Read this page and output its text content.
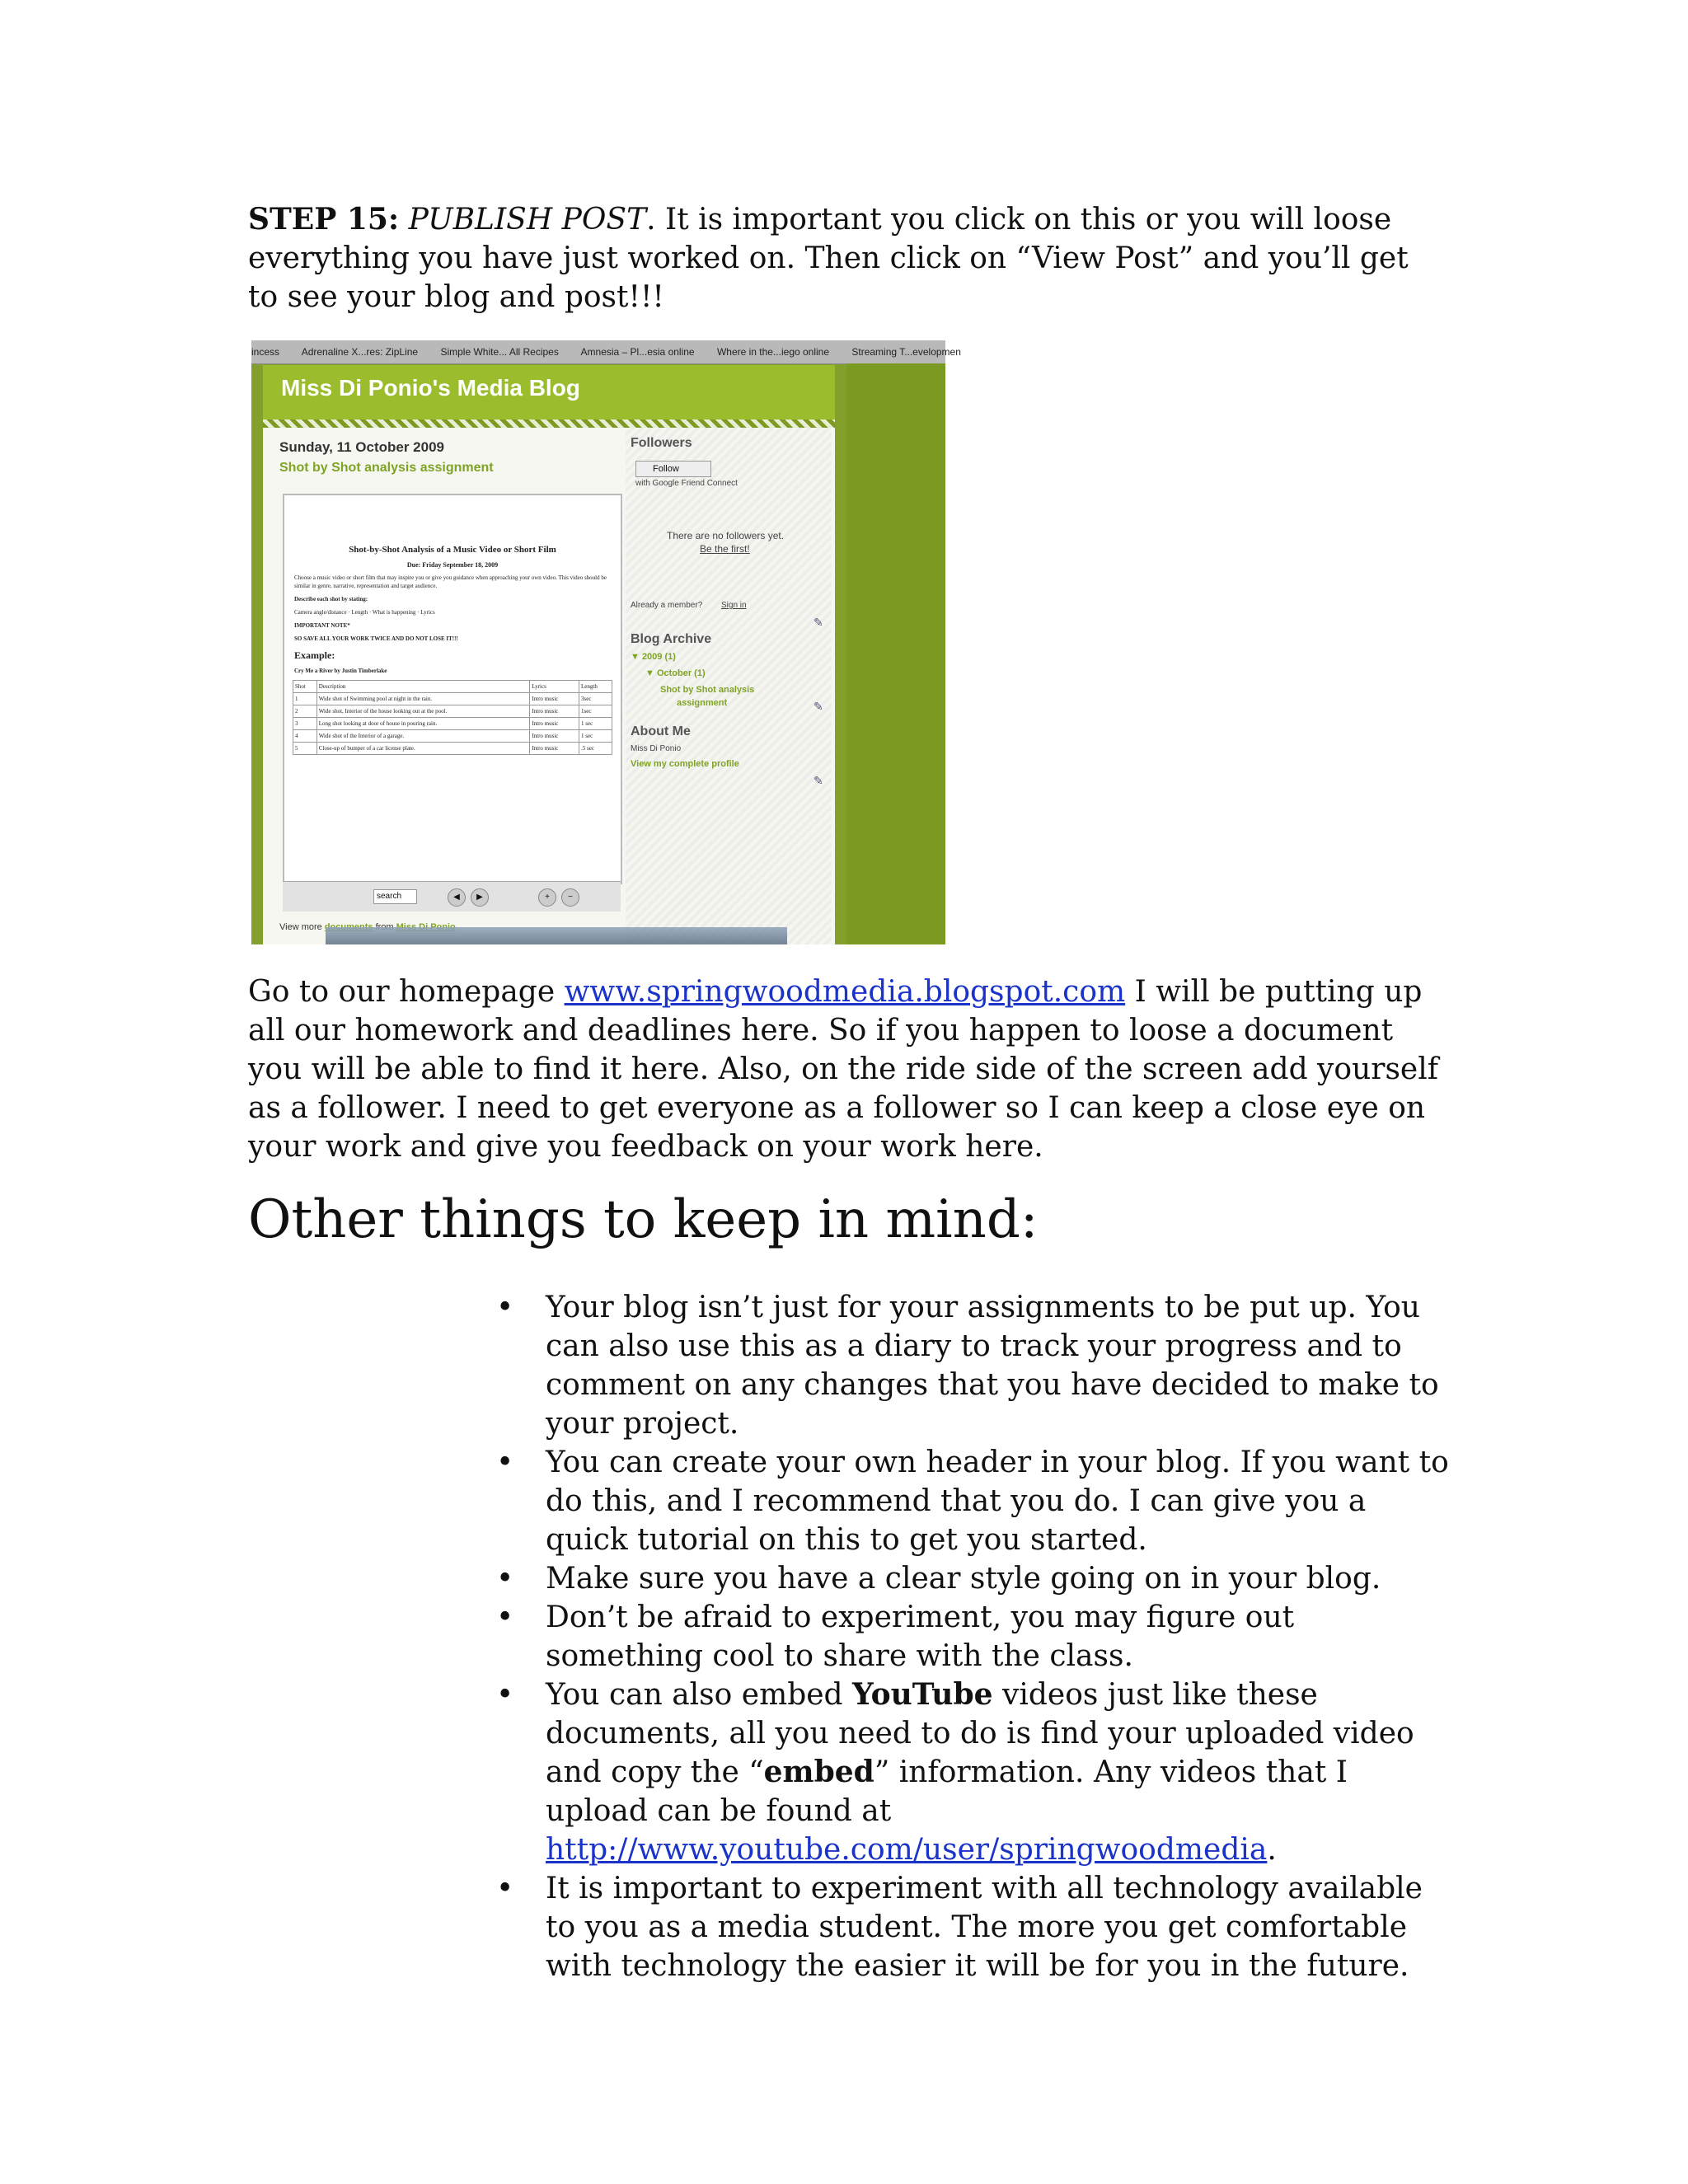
STEP 15: PUBLISH POST. It is important you click on this or you will loose everything you have just worked on. Then click on “View Post” and you’ll get to see your blog and post!!!

incess Adrenaline X...res: ZipLine Simple White... All Recipes Amnesia – Pl...esia online Where in the...iego online Streaming T...evelopmen
Miss Di Ponio's Media Blog
Sunday, 11 October 2009
Shot by Shot analysis assignment
Shot-by-Shot Analysis of a Music Video or Short Film
Due: Friday September 18, 2009
Choose a music video or short film that may inspire you or give you guidance when approaching your own video. This video should be similar in genre, narrative, representation and target audience.
Describe each shot by stating:
Camera angle/distance · Length · What is happening · Lyrics
IMPORTANT NOTE*
SO SAVE ALL YOUR WORK TWICE AND DO NOT LOSE IT!!!
Example:
Cry Me a River by Justin Timberlake
Shot	Description	Lyrics	Length
1	Wide shot of Swimming pool at night in the rain.	Intro music	3sec
2	Wide shot, Interior of the house looking out at the pool.	Intro music	1sec
3	Long shot looking at door of house in pouring rain.	Intro music	1 sec
4	Wide shot of the Interior of a garage.	Intro music	1 sec
5	Close-up of bumper of a car license plate.	Intro music	.5 sec
search	◀	▶	+	−
View more
Followers
Follow
with Google Friend Connect
There are no followers yet.
Be the first!
Already a member? Sign in
✎
Blog Archive
▼ 2009 (1)
▼ October (1)
Shot by Shot analysis
assignment	✎
About Me
Miss Di Ponio
View my complete profile
✎

Go to our homepage www.springwoodmedia.blogspot.com I will be putting up all our homework and deadlines here. So if you happen to loose a document you will be able to find it here. Also, on the ride side of the screen add yourself as a follower. I need to get everyone as a follower so I can keep a close eye on your work and give you feedback on your work here.

Other things to keep in mind:
•	Your blog isn’t just for your assignments to be put up. You can also use this as a diary to track your progress and to comment on any changes that you have decided to make to your project.
•	You can create your own header in your blog. If you want to do this, and I recommend that you do. I can give you a quick tutorial on this to get you started.
•	Make sure you have a clear style going on in your blog.
•	Don’t be afraid to experiment, you may figure out something cool to share with the class.
•	You can also embed YouTube videos just like these documents, all you need to do is find your uploaded video and copy the “embed” information. Any videos that I upload can be found at http://www.youtube.com/user/springwoodmedia.
•	It is important to experiment with all technology available to you as a media student. The more you get comfortable with technology the easier it will be for you in the future.
